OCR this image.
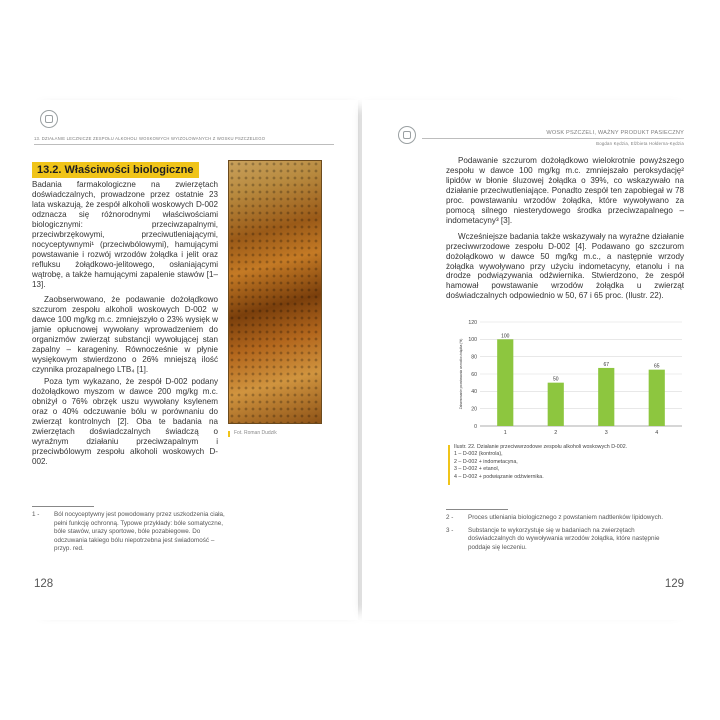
13. DZIAŁANIE LECZNICZE ZESPOŁU ALKOHOLI WOSKOWYCH WYIZOLOWANYCH Z WOSKU PSZCZELEGO
13.2. Właściwości biologiczne

Badania farmakologiczne na zwierzętach doświadczalnych, prowadzone przez ostatnie 23 lata wskazują, że zespół alkoholi woskowych D-002 odznacza się różnorodnymi właściwościami biologicznymi: przeciwzapalnymi, przeciwbrzękowymi, przeciwutleniającymi, nocyceptywnymi¹ (przeciwbólowymi), hamującymi powstawanie i rozwój wrzodów żołądka i jelit oraz refluksu żołądkowo-jelitowego, osłaniającymi wątrobę, a także hamującymi zapalenie stawów [1–13].

Zaobserwowano, że podawanie dożołądkowo szczurom zespołu alkoholi woskowych D-002 w dawce 100 mg/kg m.c. zmniejszyło o 23% wysięk w jamie opłucnowej wywołany wprowadzeniem do organizmów zwierząt substancji wywołującej stan zapalny – karageniny. Równocześnie w płynie wysiękowym stwierdzono o 26% mniejszą ilość czynnika prozapalnego LTB₄ [1].

Poza tym wykazano, że zespół D-002 podany dożołądkowo myszom w dawce 200 mg/kg m.c. obniżył o 76% obrzęk uszu wywołany ksylenem oraz o 40% odczuwanie bólu w porównaniu do zwierząt kontrolnych [2]. Oba te badania na zwierzętach doświadczalnych świadczą o wyraźnym działaniu przeciwzapalnym i przeciwbólowym zespołu alkoholi woskowych D-002.

Fot. Roman Dudzik
1 - Ból nocyceptywny jest powodowany przez uszkodzenia ciała, pełni funkcję ochronną. Typowe przykłady: bóle somatyczne, bóle stawów, urazy sportowe, bóle pozabiegowe. Do odczuwania takiego bólu niepotrzebna jest świadomość – przyp. red.
128
WOSK PSZCZELI, WAŻNY PRODUKT PASIECZNY
Bogdan Kędzia, Elżbieta Hołderna-Kędzia

Podawanie szczurom dożołądkowo wielokrotnie powyższego zespołu w dawce 100 mg/kg m.c. zmniejszało peroksydację² lipidów w błonie śluzowej żołądka o 39%, co wskazywało na działanie przeciwutleniające. Ponadto zespół ten zapobiegał w 78 proc. powstawaniu wrzodów żołądka, które wywoływano za pomocą silnego niesterydowego środka przeciwzapalnego – indometacyny³ [3].

Wcześniejsze badania także wskazywały na wyraźne działanie przeciwwrzodowe zespołu D-002 [4]. Podawano go szczurom dożołądkowo w dawce 50 mg/kg m.c., a następnie wrzody żołądka wywoływano przy użyciu indometacyny, etanolu i na drodze podwiązywania odźwiernika. Stwierdzono, że zespół hamował powstawanie wrzodów żołądka u zwierząt doświadczalnych odpowiednio w 50, 67 i 65 proc. (Ilustr. 22).

0
20
40
60
80
100
120
Zahamowanie powstawania wrzodów żołądka (%)
100
1
50
2
67
3
65
4
Ilustr. 22. Działanie przeciwwrzodowe zespołu alkoholi woskowych D-002.
1 – D-002 (kontrola),
2 – D-002 + indometacyna,
3 – D-002 + etanol,
4 – D-002 + podwiązanie odźwiernika.
2 - Proces utleniania biologicznego z powstaniem nadtlenków lipidowych.
3 - Substancje te wykorzystuje się w badaniach na zwierzętach doświadczalnych do wywoływania wrzodów żołądka, które następnie poddaje się leczeniu.
129
